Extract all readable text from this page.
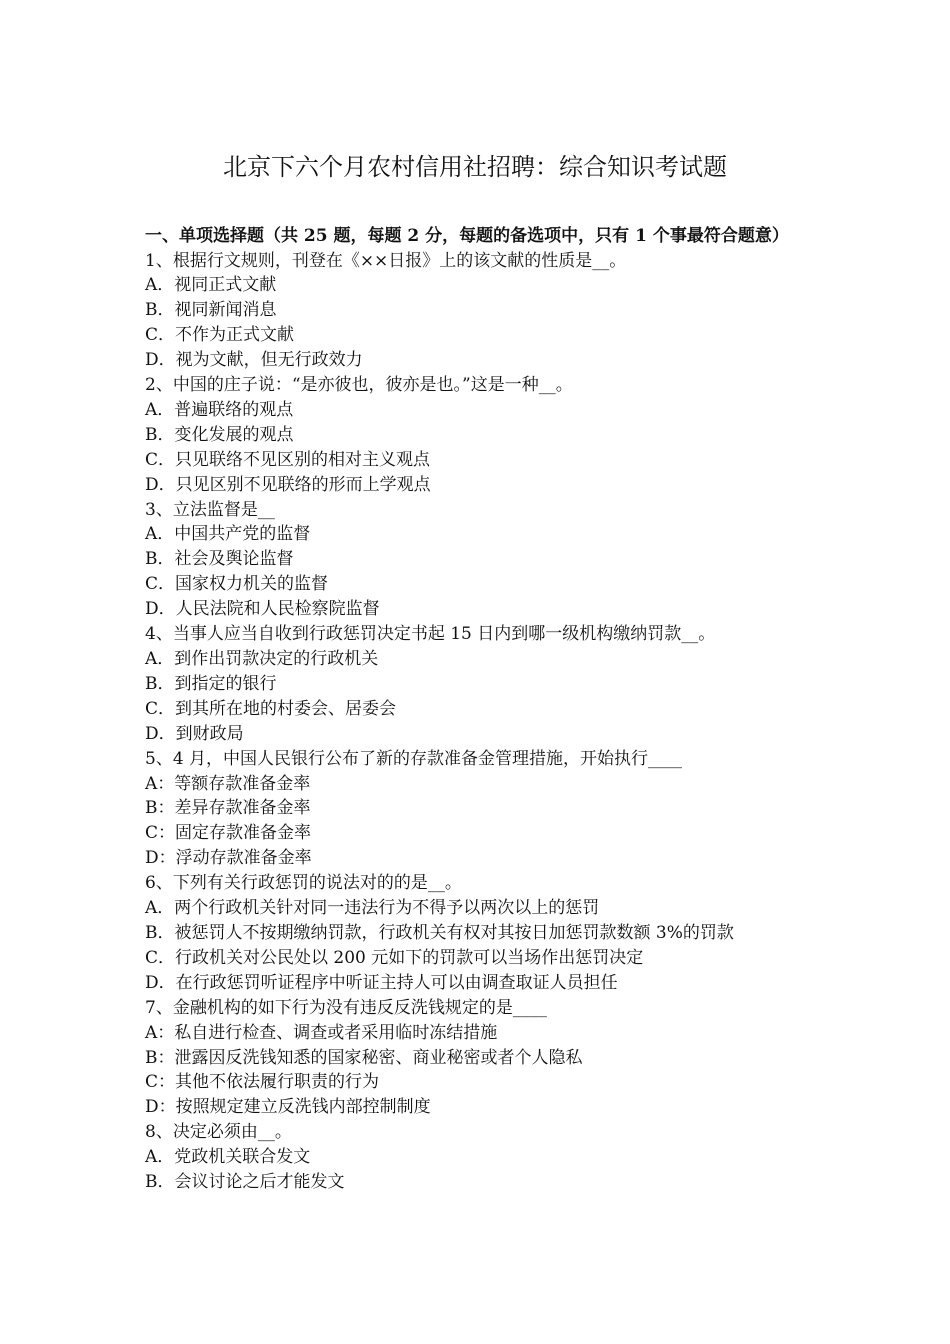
北京下六个月农村信用社招聘：综合知识考试题

一、单项选择题（共 25 题，每题 2 分，每题的备选项中，只有 1 个事最符合题意）

1、根据行文规则，刊登在《××日报》上的该文献的性质是__。

A．视同正式文献

B．视同新闻消息

C．不作为正式文献

D．视为文献，但无行政效力

2、中国的庄子说：“是亦彼也，彼亦是也。”这是一种__。

A．普遍联络的观点

B．变化发展的观点

C．只见联络不见区别的相对主义观点

D．只见区别不见联络的形而上学观点

3、立法监督是__

A．中国共产党的监督

B．社会及舆论监督

C．国家权力机关的监督

D．人民法院和人民检察院监督

4、当事人应当自收到行政惩罚决定书起 15 日内到哪一级机构缴纳罚款__。

A．到作出罚款决定的行政机关

B．到指定的银行

C．到其所在地的村委会、居委会

D．到财政局

5、4 月，中国人民银行公布了新的存款准备金管理措施，开始执行____

A：等额存款准备金率

B：差异存款准备金率

C：固定存款准备金率

D：浮动存款准备金率

6、下列有关行政惩罚的说法对的的是__。

A．两个行政机关针对同一违法行为不得予以两次以上的惩罚

B．被惩罚人不按期缴纳罚款，行政机关有权对其按日加惩罚款数额 3%的罚款

C．行政机关对公民处以 200 元如下的罚款可以当场作出惩罚决定

D．在行政惩罚听证程序中听证主持人可以由调查取证人员担任

7、金融机构的如下行为没有违反反洗钱规定的是____

A：私自进行检查、调查或者采用临时冻结措施

B：泄露因反洗钱知悉的国家秘密、商业秘密或者个人隐私

C：其他不依法履行职责的行为

D：按照规定建立反洗钱内部控制制度

8、决定必须由__。

A．党政机关联合发文

B．会议讨论之后才能发文
